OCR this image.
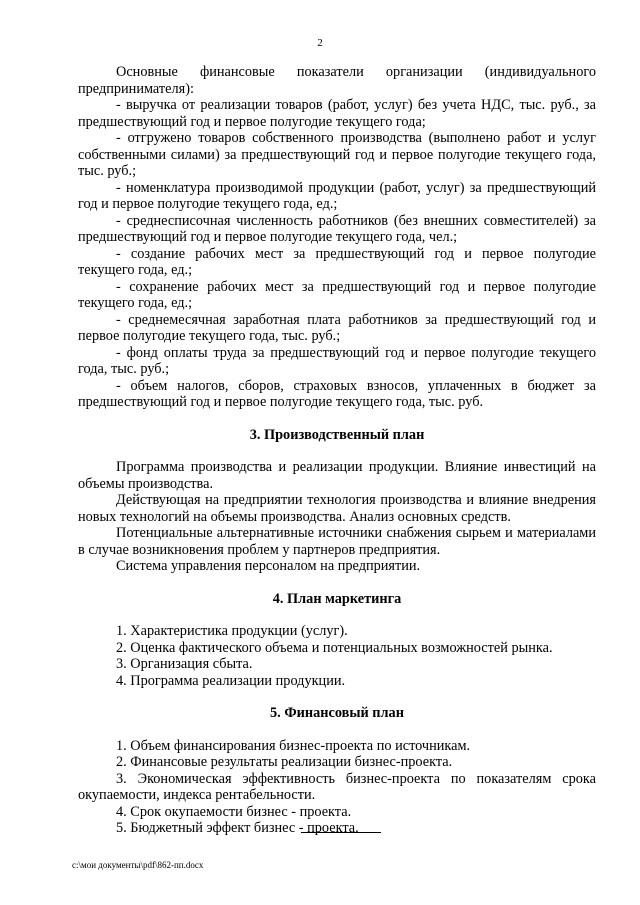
2

Основные финансовые показатели организации (индивидуального предпринимателя):

- выручка от реализации товаров (работ, услуг) без учета НДС, тыс. руб., за предшествующий год и первое полугодие текущего года;

- отгружено товаров собственного производства (выполнено работ и услуг собственными силами) за предшествующий год и первое полугодие текущего года, тыс. руб.;

- номенклатура производимой продукции (работ, услуг) за предшествующий год и первое полугодие текущего года, ед.;

- среднесписочная численность работников (без внешних совместителей) за предшествующий год и первое полугодие текущего года, чел.;

- создание рабочих мест за предшествующий год и первое полугодие текущего года, ед.;

- сохранение рабочих мест за предшествующий год и первое полугодие текущего года, ед.;

- среднемесячная заработная плата работников за предшествующий год и первое полугодие текущего года, тыс. руб.;

- фонд оплаты труда за предшествующий год и первое полугодие текущего года, тыс. руб.;

- объем налогов, сборов, страховых взносов, уплаченных в бюджет за предшествующий год и первое полугодие текущего года, тыс. руб.

3. Производственный план

Программа производства и реализации продукции. Влияние инвестиций на объемы производства.

Действующая на предприятии технология производства и влияние внедрения новых технологий на объемы производства. Анализ основных средств.

Потенциальные альтернативные источники снабжения сырьем и материалами в случае возникновения проблем у партнеров предприятия.

Система управления персоналом на предприятии.

4. План маркетинга

1. Характеристика продукции (услуг).

2. Оценка фактического объема и потенциальных возможностей рынка.

3. Организация сбыта.

4. Программа реализации продукции.

5. Финансовый план

1. Объем финансирования бизнес-проекта по источникам.

2. Финансовые результаты реализации бизнес-проекта.

3. Экономическая эффективность бизнес-проекта по показателям срока окупаемости, индекса рентабельности.

4. Срок окупаемости бизнес - проекта.

5. Бюджетный эффект бизнес - проекта.

c:\мои документы\pdf\862-пп.docx
